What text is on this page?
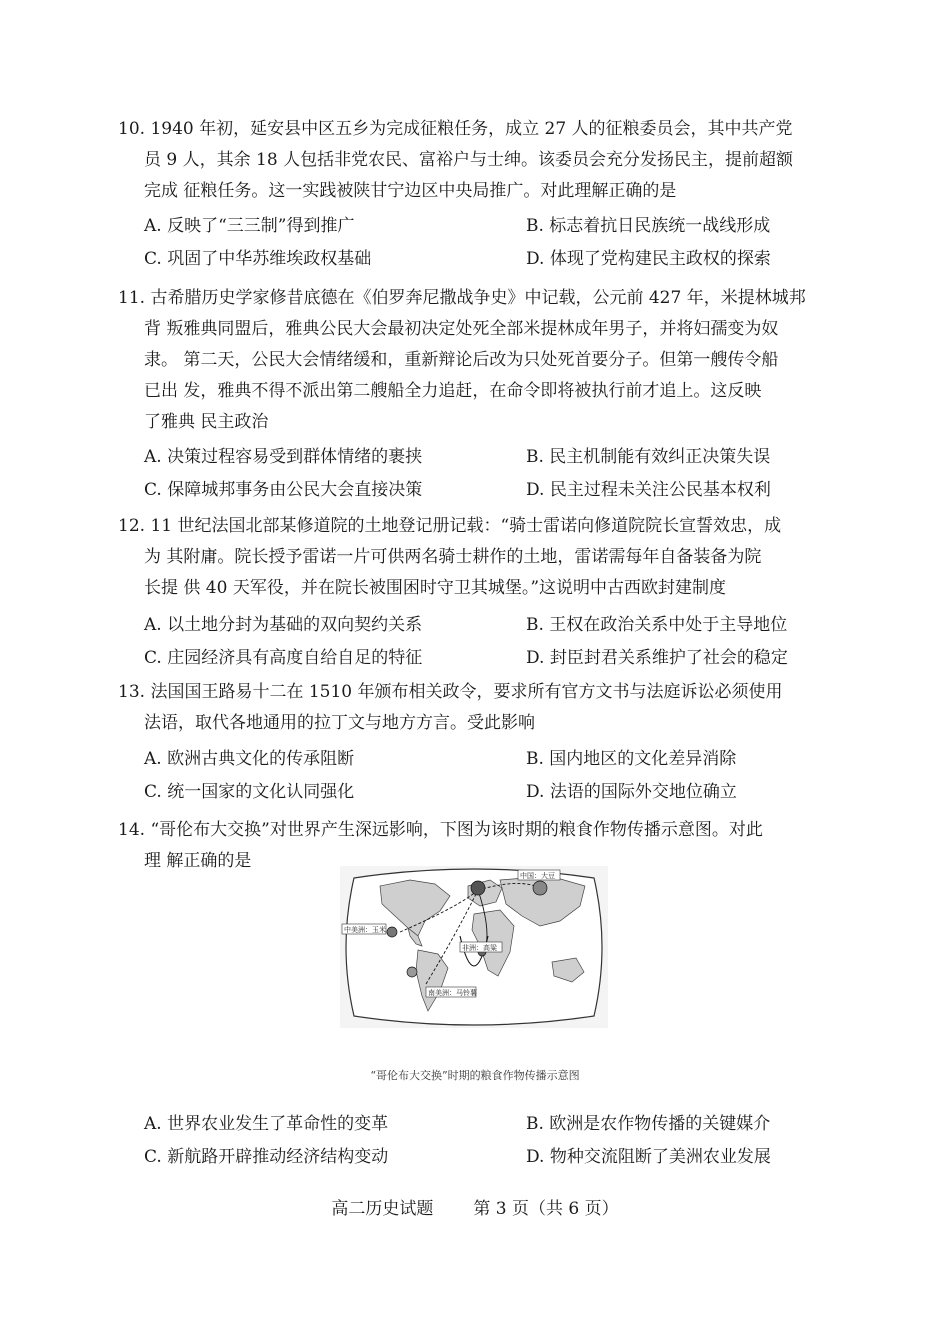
10. 1940 年初，延安县中区五乡为完成征粮任务，成立 27 人的征粮委员会，其中共产党
员 9 人，其余 18 人包括非党农民、富裕户与士绅。该委员会充分发扬民主，提前超额
完成 征粮任务。这一实践被陕甘宁边区中央局推广。对此理解正确的是
A. 反映了“三三制”得到推广	B. 标志着抗日民族统一战线形成
C. 巩固了中华苏维埃政权基础	D. 体现了党构建民主政权的探索
11. 古希腊历史学家修昔底德在《伯罗奔尼撒战争史》中记载，公元前 427 年，米提林城邦
背 叛雅典同盟后，雅典公民大会最初决定处死全部米提林成年男子，并将妇孺变为奴
隶。 第二天，公民大会情绪缓和，重新辩论后改为只处死首要分子。但第一艘传令船
已出 发，雅典不得不派出第二艘船全力追赶，在命令即将被执行前才追上。这反映
了雅典 民主政治
A. 决策过程容易受到群体情绪的裹挟	B. 民主机制能有效纠正决策失误
C. 保障城邦事务由公民大会直接决策	D. 民主过程未关注公民基本权利
12. 11 世纪法国北部某修道院的土地登记册记载：“骑士雷诺向修道院院长宣誓效忠，成
为 其附庸。院长授予雷诺一片可供两名骑士耕作的土地，雷诺需每年自备装备为院
长提 供 40 天军役，并在院长被围困时守卫其城堡。”这说明中古西欧封建制度
A. 以土地分封为基础的双向契约关系	B. 王权在政治关系中处于主导地位
C. 庄园经济具有高度自给自足的特征	D. 封臣封君关系维护了社会的稳定
13. 法国国王路易十二在 1510 年颁布相关政令，要求所有官方文书与法庭诉讼必须使用
法语，取代各地通用的拉丁文与地方方言。受此影响
A. 欧洲古典文化的传承阻断	B. 国内地区的文化差异消除
C. 统一国家的文化认同强化	D. 法语的国际外交地位确立
14. “哥伦布大交换”对世界产生深远影响，下图为该时期的粮食作物传播示意图。对此
理 解正确的是
中国：大豆
中美洲：玉米
非洲：高粱
南美洲：马铃薯
“哥伦布大交换”时期的粮食作物传播示意图
A. 世界农业发生了革命性的变革	B. 欧洲是农作物传播的关键媒介
C. 新航路开辟推动经济结构变动	D. 物种交流阻断了美洲农业发展
高二历史试题 第 3 页（共 6 页）
